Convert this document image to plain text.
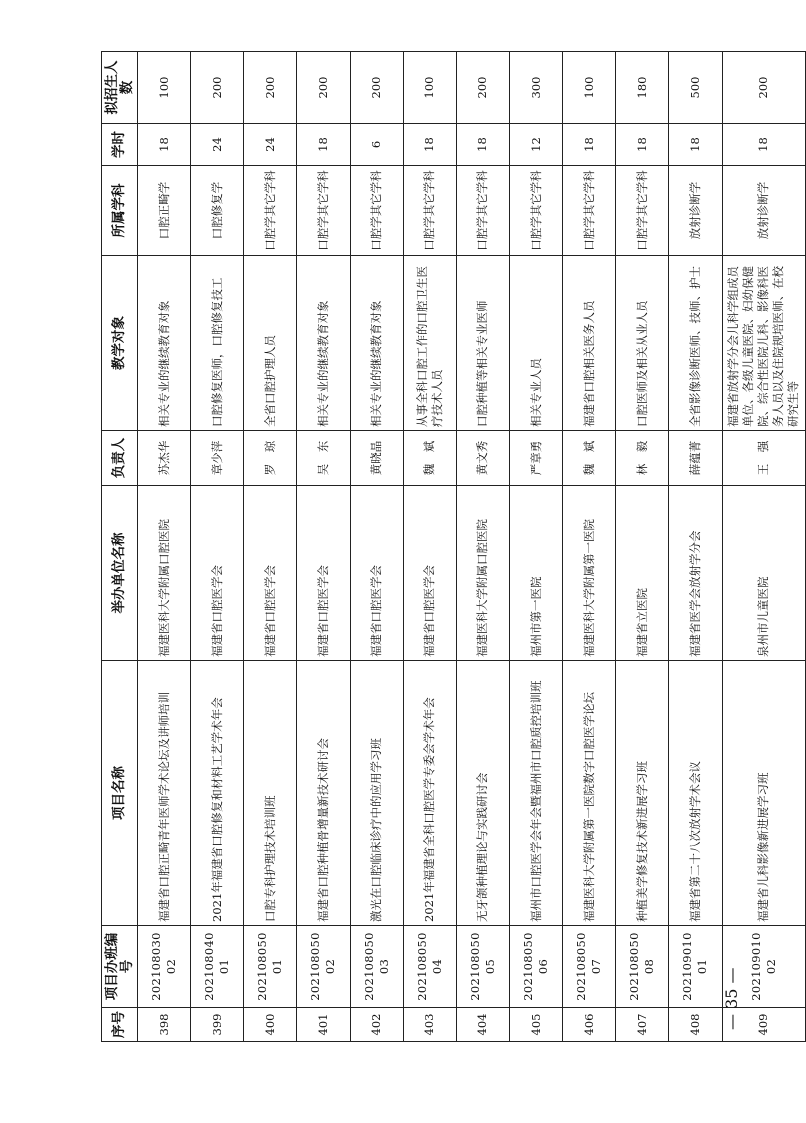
序号	项目办班编号	项目名称	举办单位名称	负责人	教学对象	所属学科	学时	拟招生人数
398	20210803002	福建省口腔正畸青年医师学术论坛及讲师培训	福建医科大学附属口腔医院	苏杰华	相关专业的继续教育对象	口腔正畸学	18	100
399	20210804001	2021年福建省口腔修复和材料工艺学术年会	福建省口腔医学会	章少萍	口腔修复医师，口腔修复技工	口腔修复学	24	200
400	20210805001	口腔专科护理技术培训班	福建省口腔医学会	罗　琼	全省口腔护理人员	口腔学其它学科	24	200
401	20210805002	福建省口腔种植骨增量新技术研讨会	福建省口腔医学会	吴　东	相关专业的继续教育对象	口腔学其它学科	18	200
402	20210805003	激光在口腔临床诊疗中的应用学习班	福建省口腔医学会	黄晓晶	相关专业的继续教育对象	口腔学其它学科	6	200
403	20210805004	2021年福建省全科口腔医学专委会学术年会	福建省口腔医学会	魏　斌	从事全科口腔工作的口腔卫生医疗技术人员	口腔学其它学科	18	100
404	20210805005	无牙颌种植理论与实践研讨会	福建医科大学附属口腔医院	黄文秀	口腔种植等相关专业医师	口腔学其它学科	18	200
405	20210805006	福州市口腔医学会年会暨福州市口腔质控培训班	福州市第一医院	严章勇	相关专业人员	口腔学其它学科	12	300
406	20210805007	福建医科大学附属第一医院数字口腔医学论坛	福建医科大学附属第一医院	魏　斌	福建省口腔相关医务人员	口腔学其它学科	18	100
407	20210805008	种植美学修复技术新进展学习班	福建省立医院	林　毅	口腔医师及相关从业人员	口腔学其它学科	18	180
408	20210901001	福建省第二十八次放射学术会议	福建省医学会放射学分会	薛蕴菁	全省影像诊断医师、技师、护士	放射诊断学	18	500
409	20210901002	福建省儿科影像新进展学习班	泉州市儿童医院	王　强	福建省放射学分会儿科学组成员单位、各级儿童医院、妇幼保健院、综合性医院儿科、影像科医务人员以及住院规培医师、在校研究生等	放射诊断学	18	200
— 35 —
